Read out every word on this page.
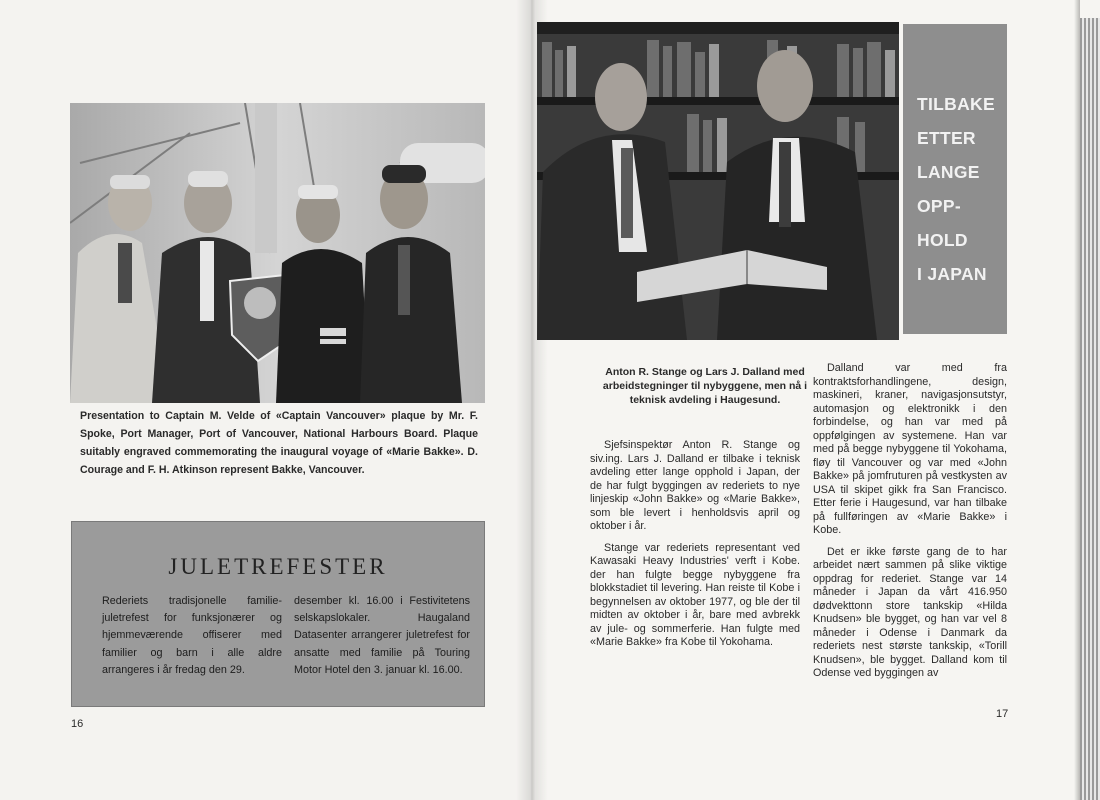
Presentation to Captain M. Velde of «Captain Vancouver» plaque by Mr. F. Spoke, Port Manager, Port of Vancouver, National Harbours Board. Plaque suitably engraved commemorating the inaugural voyage of «Marie Bakke». D. Courage and F. H. Atkinson represent Bakke, Vancouver.

JULETREFESTER

Rederiets tradisjonelle familie-juletrefest for funksjonærer og hjemmeværende offiserer med familier og barn i alle aldre arrangeres i år fredag den 29.

desember kl. 16.00 i Festivitetens selskapslokaler. Haugaland Datasenter arrangerer juletrefest for ansatte med familie på Touring Motor Hotel den 3. januar kl. 16.00.

16

TILBAKE

ETTER

LANGE

OPP-

HOLD

I JAPAN

Anton R. Stange og Lars J. Dalland med arbeidstegninger til nybyggene, men nå i teknisk avdeling i Haugesund.

Sjefsinspektør Anton R. Stange og siv.ing. Lars J. Dalland er tilbake i teknisk avdeling etter lange opphold i Japan, der de har fulgt byggingen av rederiets to nye linjeskip «John Bakke» og «Marie Bakke», som ble levert i henholdsvis april og oktober i år.

Stange var rederiets representant ved Kawasaki Heavy Industries' verft i Kobe. der han fulgte begge nybyggene fra blokkstadiet til levering. Han reiste til Kobe i begynnelsen av oktober 1977, og ble der til midten av oktober i år, bare med avbrekk av jule- og sommerferie. Han fulgte med «Marie Bakke» fra Kobe til Yokohama.

Dalland var med fra kontraktsforhandlingene, design, maskineri, kraner, navigasjonsutstyr, automasjon og elektronikk i den forbindelse, og han var med på oppfølgingen av systemene. Han var med på begge nybyggene til Yokohama, fløy til Vancouver og var med «John Bakke» på jomfruturen på vestkysten av USA til skipet gikk fra San Francisco. Etter ferie i Haugesund, var han tilbake på fullføringen av «Marie Bakke» i Kobe.

Det er ikke første gang de to har arbeidet nært sammen på slike viktige oppdrag for rederiet. Stange var 14 måneder i Japan da vårt 416.950 dødvekttonn store tankskip «Hilda Knudsen» ble bygget, og han var vel 8 måneder i Odense i Danmark da rederiets nest største tankskip, «Torill Knudsen», ble bygget. Dalland kom til Odense ved byggingen av

17
